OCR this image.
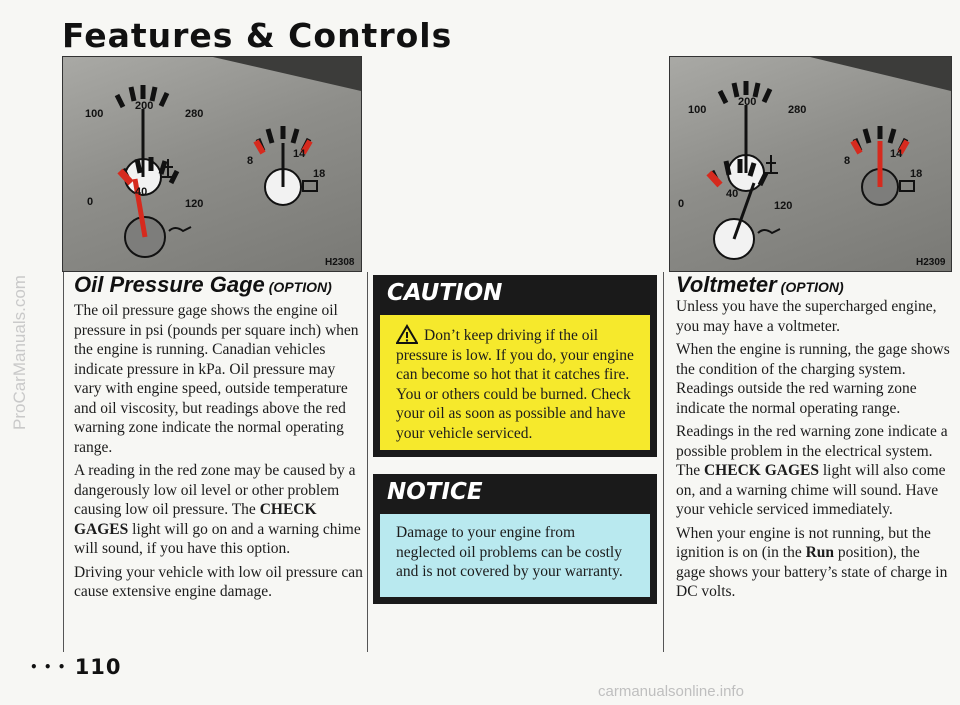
Features & Controls
ProCarManuals.com
carmanualsonline.info
100
200
280
8
14
18
0
40
120
H2308
100
200
280
8
14
18
0
40
120
H2309
Oil Pressure Gage (OPTION)

The oil pressure gage shows the engine oil pressure in psi (pounds per square inch) when the engine is running. Canadian vehicles indicate pressure in kPa. Oil pressure may vary with engine speed, outside temperature and oil viscosity, but readings above the red warning zone indicate the normal operating range.

A reading in the red zone may be caused by a dangerously low oil level or other problem causing low oil pressure. The CHECK GAGES light will go on and a warning chime will sound, if you have this option.

Driving your vehicle with low oil pressure can cause extensive engine damage.

CAUTION
Don’t keep driving if the oil pressure is low. If you do, your engine can become so hot that it catches fire. You or others could be burned. Check your oil as soon as possible and have your vehicle serviced.
NOTICE
Damage to your engine from neglected oil problems can be costly and is not covered by your warranty.
Voltmeter (OPTION)

Unless you have the supercharged engine, you may have a voltmeter.

When the engine is running, the gage shows the condition of the charging system. Readings outside the red warning zone indicate the normal operating range.

Readings in the red warning zone indicate a possible problem in the electrical system. The CHECK GAGES light will also come on, and a warning chime will sound. Have your vehicle serviced immediately.

When your engine is not running, but the ignition is on (in the Run position), the gage shows your battery’s state of charge in DC volts.

• • • 110
